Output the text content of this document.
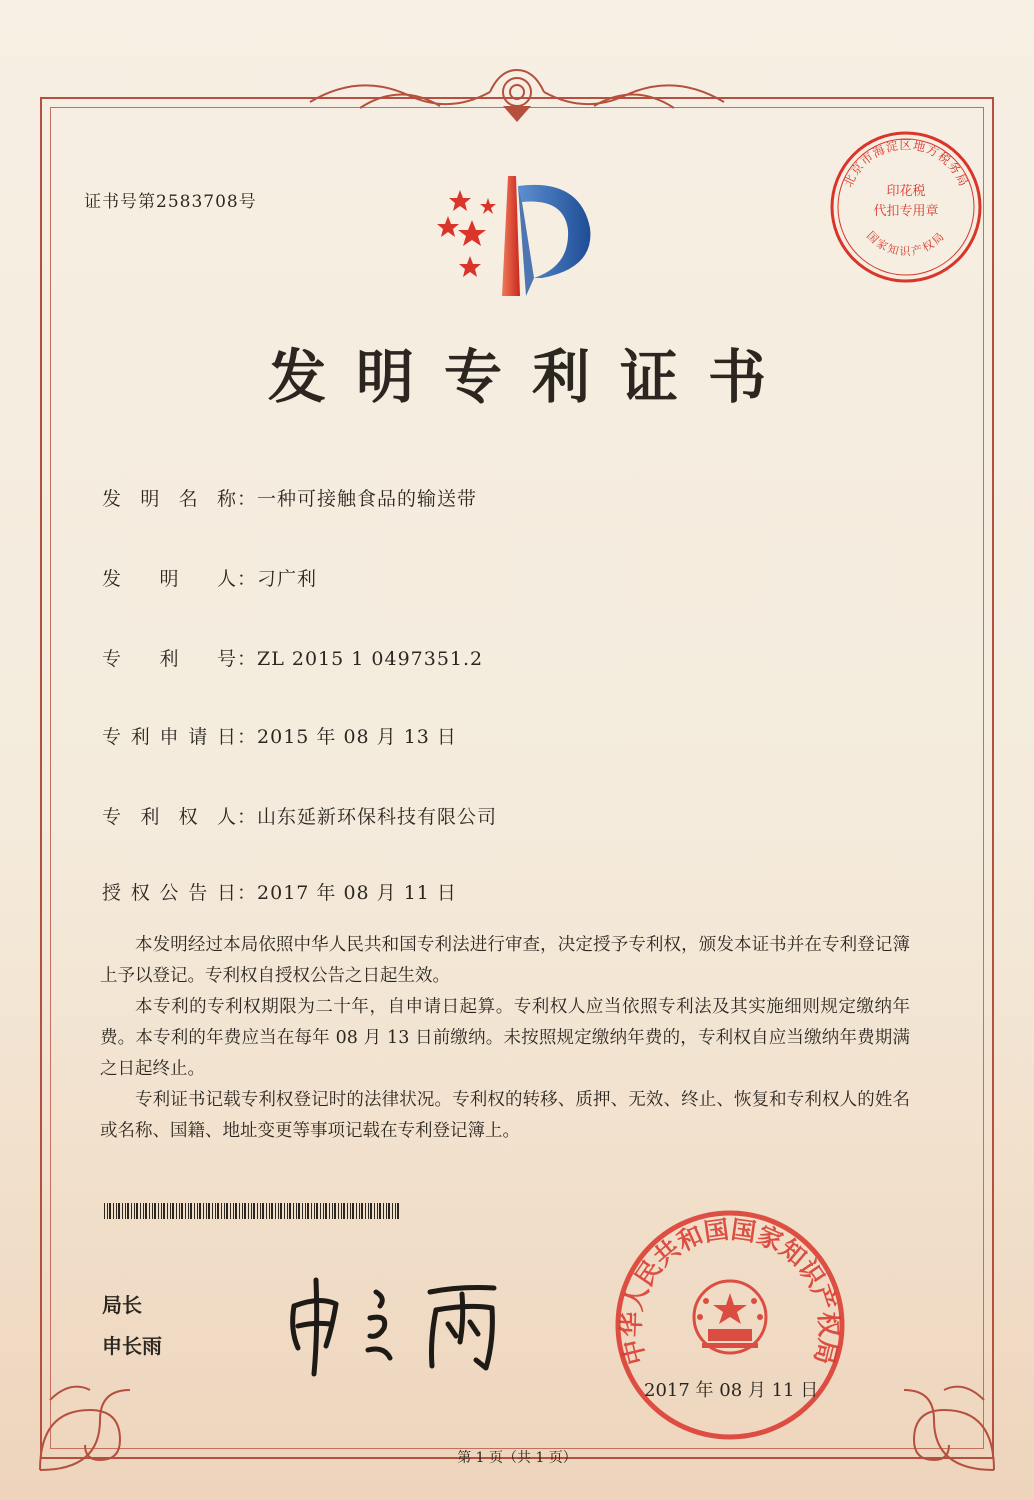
证书号第2583708号
北京市海淀区地方税务局
印花税
代扣专用章
国家知识产权局
发明专利证书
发明名称：一种可接触食品的输送带
发明人：刁广利
专利号：ZL 2015 1 0497351.2
专利申请日：2015 年 08 月 13 日
专利权人：山东延新环保科技有限公司
授权公告日：2017 年 08 月 11 日

本发明经过本局依照中华人民共和国专利法进行审查，决定授予专利权，颁发本证书并在专利登记簿上予以登记。专利权自授权公告之日起生效。

本专利的专利权期限为二十年，自申请日起算。专利权人应当依照专利法及其实施细则规定缴纳年费。本专利的年费应当在每年 08 月 13 日前缴纳。未按照规定缴纳年费的，专利权自应当缴纳年费期满之日起终止。

专利证书记载专利权登记时的法律状况。专利权的转移、质押、无效、终止、恢复和专利权人的姓名或名称、国籍、地址变更等事项记载在专利登记簿上。

局长
申长雨	中华人民共和国国家知识产权局
2017 年 08 月 11 日
第 1 页（共 1 页）
